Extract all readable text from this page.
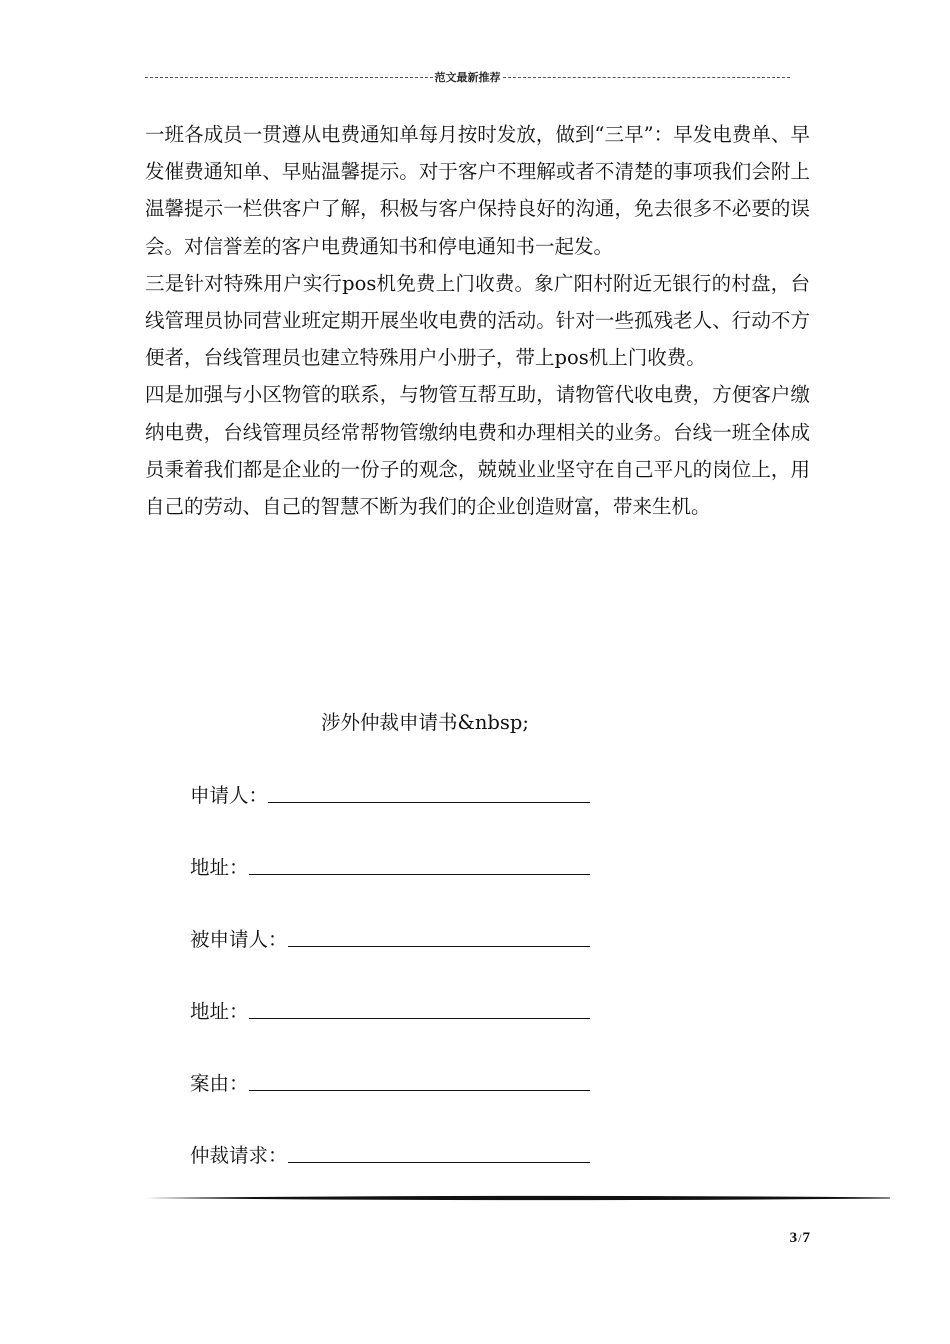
范文最新推荐

一班各成员一贯遵从电费通知单每月按时发放，做到“三早”：早发电费单、早发催费通知单、早贴温馨提示。对于客户不理解或者不清楚的事项我们会附上温馨提示一栏供客户了解，积极与客户保持良好的沟通，免去很多不必要的误会。对信誉差的客户电费通知书和停电通知书一起发。

三是针对特殊用户实行pos机免费上门收费。象广阳村附近无银行的村盘，台线管理员协同营业班定期开展坐收电费的活动。针对一些孤残老人、行动不方便者，台线管理员也建立特殊用户小册子，带上pos机上门收费。

四是加强与小区物管的联系，与物管互帮互助，请物管代收电费，方便客户缴纳电费，台线管理员经常帮物管缴纳电费和办理相关的业务。台线一班全体成员秉着我们都是企业的一份子的观念，兢兢业业坚守在自己平凡的岗位上，用自己的劳动、自己的智慧不断为我们的企业创造财富，带来生机。

涉外仲裁申请书&nbsp;
申请人：
地址：
被申请人：
地址：
案由：
仲裁请求：
3/7
